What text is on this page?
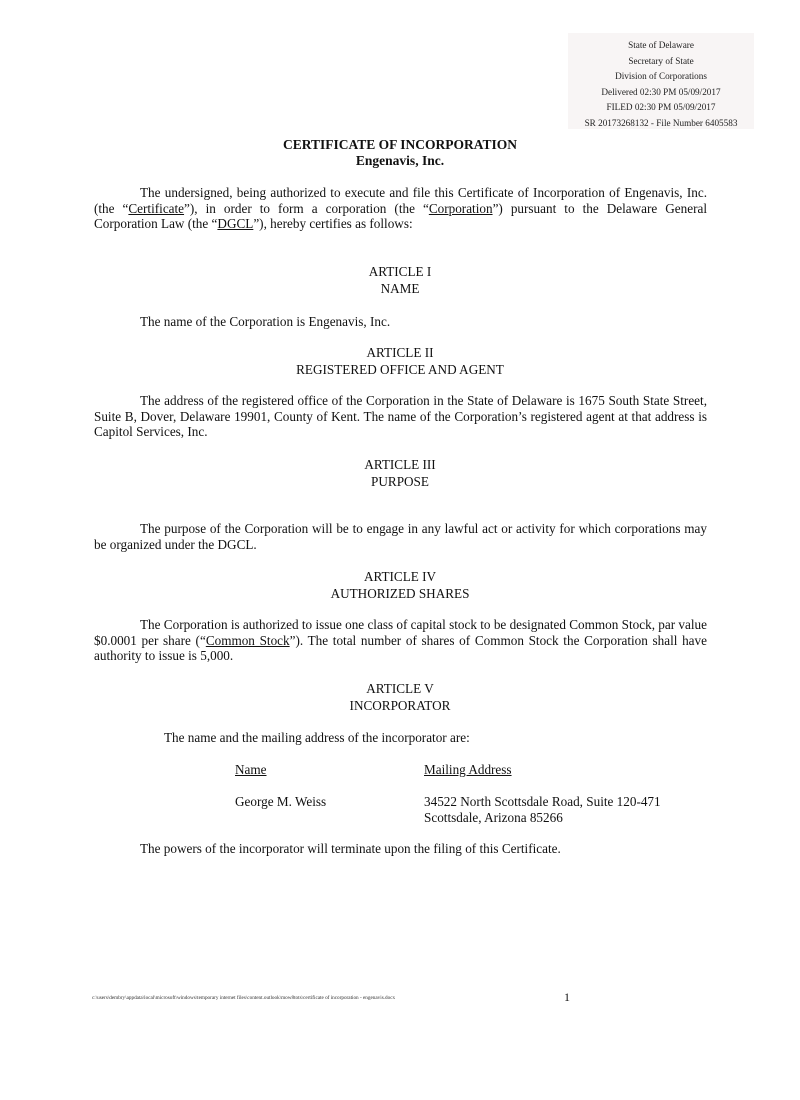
State of Delaware
Secretary of State
Division of Corporations
Delivered 02:30 PM 05/09/2017
FILED 02:30 PM 05/09/2017
SR 20173268132 - File Number 6405583
CERTIFICATE OF INCORPORATION
Engenavis, Inc.
The undersigned, being authorized to execute and file this Certificate of Incorporation of Engenavis, Inc. (the “Certificate”), in order to form a corporation (the “Corporation”) pursuant to the Delaware General Corporation Law (the “DGCL”), hereby certifies as follows:
ARTICLE I
NAME
The name of the Corporation is Engenavis, Inc.
ARTICLE II
REGISTERED OFFICE AND AGENT
The address of the registered office of the Corporation in the State of Delaware is 1675 South State Street, Suite B, Dover, Delaware 19901, County of Kent. The name of the Corporation’s registered agent at that address is Capitol Services, Inc.
ARTICLE III
PURPOSE
The purpose of the Corporation will be to engage in any lawful act or activity for which corporations may be organized under the DGCL.
ARTICLE IV
AUTHORIZED SHARES
The Corporation is authorized to issue one class of capital stock to be designated Common Stock, par value $0.0001 per share (“Common Stock”). The total number of shares of Common Stock the Corporation shall have authority to issue is 5,000.
ARTICLE V
INCORPORATOR
The name and the mailing address of the incorporator are:
Name	Mailing Address
George M. Weiss	34522 North Scottsdale Road, Suite 120-471
Scottsdale, Arizona 85266
The powers of the incorporator will terminate upon the filing of this Certificate.
c:\users\dembry\appdata\local\microsoft\windows\temporary internet files\content.outlook\mow8tots\certificate of incorporation - engenavis.docx	1
